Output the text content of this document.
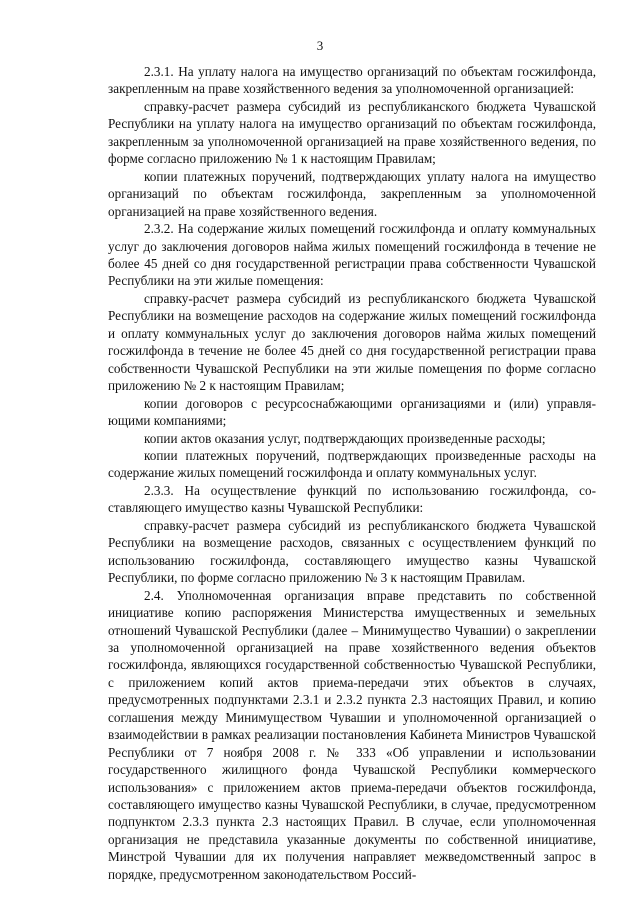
3

2.3.1. На уплату налога на имущество организаций по объектам госжилфонда, закрепленным на праве хозяйственного ведения за уполномоченной организацией:

справку-расчет размера субсидий из республиканского бюджета Чувашской Республики на уплату налога на имущество организаций по объектам госжилфонда, закрепленным за уполномоченной организацией на праве хозяйственного ведения, по форме согласно приложению № 1 к настоящим Правилам;

копии платежных поручений, подтверждающих уплату налога на имущество организаций по объектам госжилфонда, закрепленным за уполномоченной организацией на праве хозяйственного ведения.

2.3.2. На содержание жилых помещений госжилфонда и оплату коммунальных услуг до заключения договоров найма жилых помещений госжилфонда в течение не более 45 дней со дня государственной регистрации права собственности Чувашской Республики на эти жилые помещения:

справку-расчет размера субсидий из республиканского бюджета Чувашской Республики на возмещение расходов на содержание жилых помещений госжилфонда и оплату коммунальных услуг до заключения договоров найма жилых помещений госжилфонда в течение не более 45 дней со дня государственной регистрации права собственности Чувашской Республики на эти жилые помещения по форме согласно приложению № 2 к настоящим Правилам;

копии договоров с ресурсоснабжающими организациями и (или) управляющими компаниями;

копии актов оказания услуг, подтверждающих произведенные расходы;

копии платежных поручений, подтверждающих произведенные расходы на содержание жилых помещений госжилфонда и оплату коммунальных услуг.

2.3.3. На осуществление функций по использованию госжилфонда, составляющего имущество казны Чувашской Республики:

справку-расчет размера субсидий из республиканского бюджета Чувашской Республики на возмещение расходов, связанных с осуществлением функций по использованию госжилфонда, составляющего имущество казны Чувашской Республики, по форме согласно приложению № 3 к настоящим Правилам.

2.4. Уполномоченная организация вправе представить по собственной инициативе копию распоряжения Министерства имущественных и земельных отношений Чувашской Республики (далее – Минимущество Чувашии) о закреплении за уполномоченной организацией на праве хозяйственного ведения объектов госжилфонда, являющихся государственной собственностью Чувашской Республики, с приложением копий актов приема-передачи этих объектов в случаях, предусмотренных подпунктами 2.3.1 и 2.3.2 пункта 2.3 настоящих Правил, и копию соглашения между Минимуществом Чувашии и уполномоченной организацией о взаимодействии в рамках реализации постановления Кабинета Министров Чувашской Республики от 7 ноября 2008 г. № 333 «Об управлении и использовании государственного жилищного фонда Чувашской Республики коммерческого использования» с приложением актов приема-передачи объектов госжилфонда, составляющего имущество казны Чувашской Республики, в случае, предусмотренном подпунктом 2.3.3 пункта 2.3 настоящих Правил. В случае, если уполномоченная организация не представила указанные документы по собственной инициативе, Минстрой Чувашии для их получения направляет межведомственный запрос в порядке, предусмотренном законодательством Россий-
